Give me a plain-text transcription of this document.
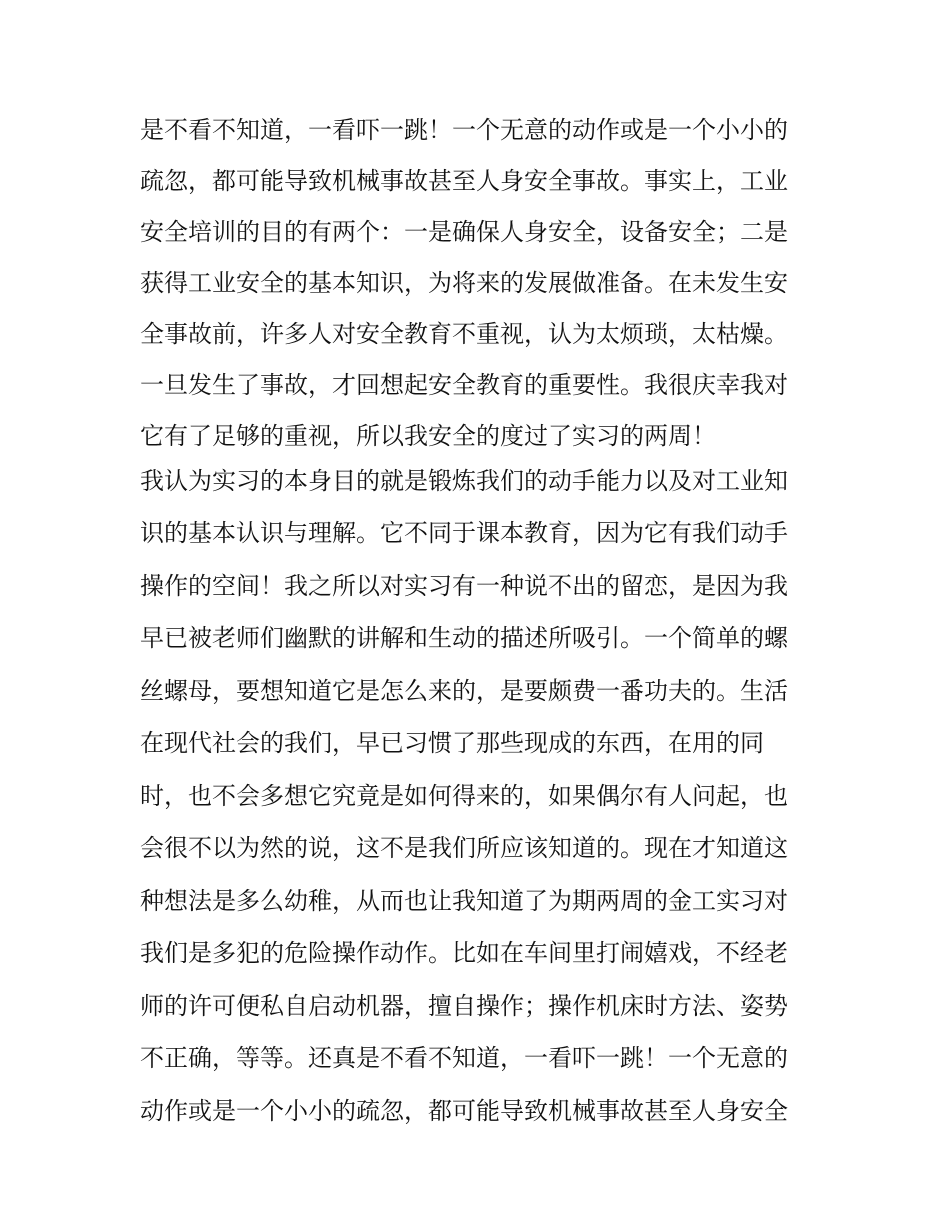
是不看不知道，一看吓一跳！一个无意的动作或是一个小小的
疏忽，都可能导致机械事故甚至人身安全事故。事实上，工业
安全培训的目的有两个：一是确保人身安全，设备安全；二是
获得工业安全的基本知识，为将来的发展做准备。在未发生安
全事故前，许多人对安全教育不重视，认为太烦琐，太枯燥。
一旦发生了事故，才回想起安全教育的重要性。我很庆幸我对
它有了足够的重视，所以我安全的度过了实习的两周！
我认为实习的本身目的就是锻炼我们的动手能力以及对工业知
识的基本认识与理解。它不同于课本教育，因为它有我们动手
操作的空间！我之所以对实习有一种说不出的留恋，是因为我
早已被老师们幽默的讲解和生动的描述所吸引。一个简单的螺
丝螺母，要想知道它是怎么来的，是要颇费一番功夫的。生活
在现代社会的我们，早已习惯了那些现成的东西，在用的同
时，也不会多想它究竟是如何得来的，如果偶尔有人问起，也
会很不以为然的说，这不是我们所应该知道的。现在才知道这
种想法是多么幼稚，从而也让我知道了为期两周的金工实习对
我们是多犯的危险操作动作。比如在车间里打闹嬉戏，不经老
师的许可便私自启动机器，擅自操作；操作机床时方法、姿势
不正确，等等。还真是不看不知道，一看吓一跳！一个无意的
动作或是一个小小的疏忽，都可能导致机械事故甚至人身安全
